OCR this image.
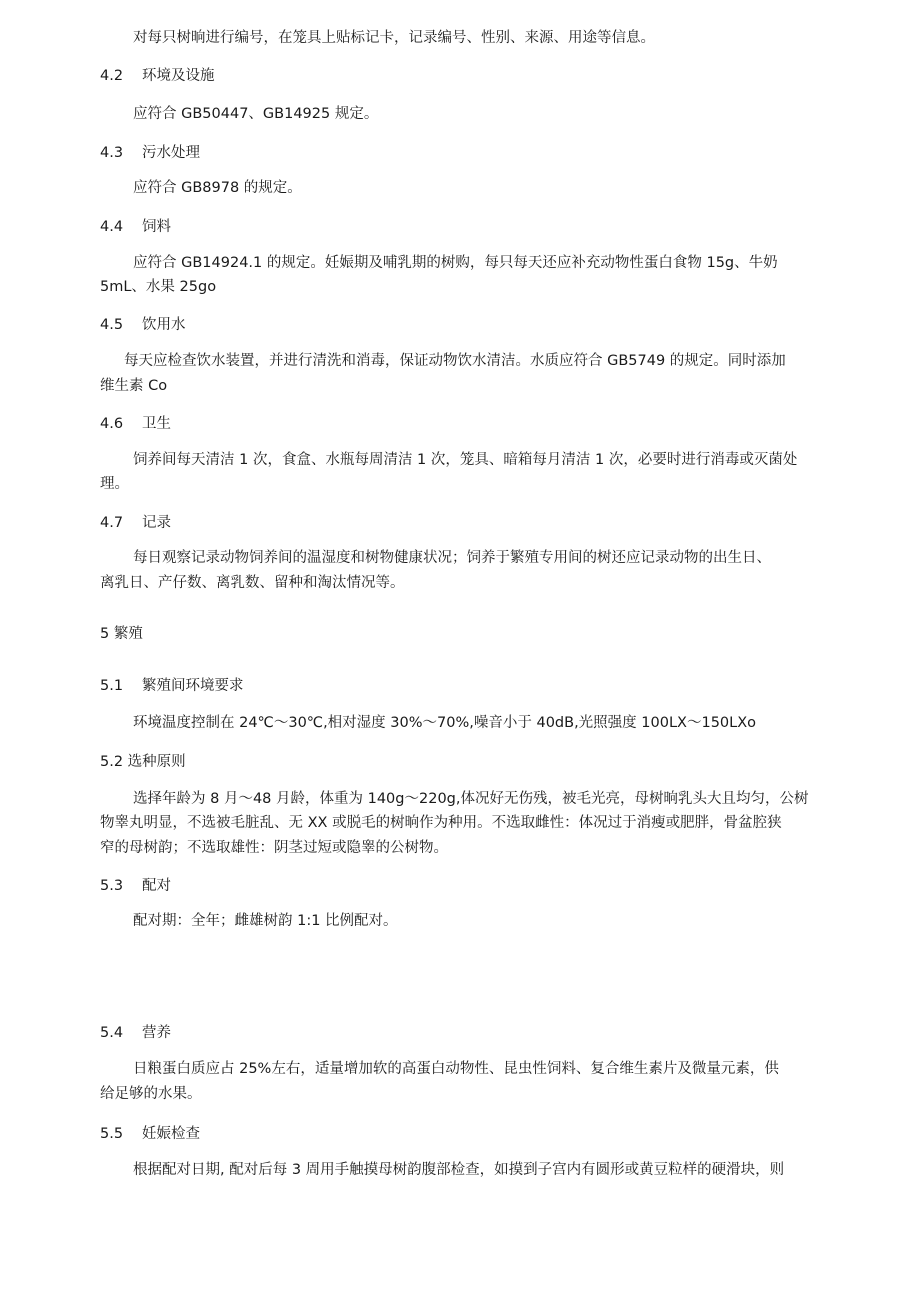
对每只树晌进行编号，在笼具上贴标记卡，记录编号、性别、来源、用途等信息。
4.2 环境及设施
应符合 GB50447、GB14925 规定。
4.3 污水处理
应符合 GB8978 的规定。
4.4 饲料
应符合 GB14924.1 的规定。妊娠期及哺乳期的树购，每只每天还应补充动物性蛋白食物 15g、牛奶
5mL、水果 25go
4.5 饮用水
每天应检查饮水装置，并进行清洗和消毒，保证动物饮水清洁。水质应符合 GB5749 的规定。同时添加
维生素 Co
4.6 卫生
饲养间每天清洁 1 次，食盒、水瓶每周清洁 1 次，笼具、暗箱每月清洁 1 次，必要时进行消毒或灭菌处
理。
4.7 记录
每日观察记录动物饲养间的温湿度和树物健康状况；饲养于繁殖专用间的树还应记录动物的出生日、
离乳日、产仔数、离乳数、留种和淘汰情况等。
5 繁殖
5.1 繁殖间环境要求
环境温度控制在 24℃～30℃,相对湿度 30%～70%,噪音小于 40dB,光照强度 100LX～150LXo
5.2 选种原则
选择年龄为 8 月～48 月龄，体重为 140g～220g,体况好无伤残，被毛光亮，母树晌乳头大且均匀，公树
物睾丸明显，不选被毛脏乱、无 XX 或脱毛的树晌作为种用。不选取雌性：体况过于消瘦或肥胖，骨盆腔狭
窄的母树韵；不选取雄性：阴茎过短或隐睾的公树物。
5.3 配对
配对期：全年；雌雄树韵 1:1 比例配对。
5.4 营养
日粮蛋白质应占 25%左右，适量增加软的高蛋白动物性、昆虫性饲料、复合维生素片及微量元素，供
给足够的水果。
5.5 妊娠检查
根据配对日期, 配对后每 3 周用手触摸母树韵腹部检查，如摸到子宫内有圆形或黄豆粒样的硬滑块，则
